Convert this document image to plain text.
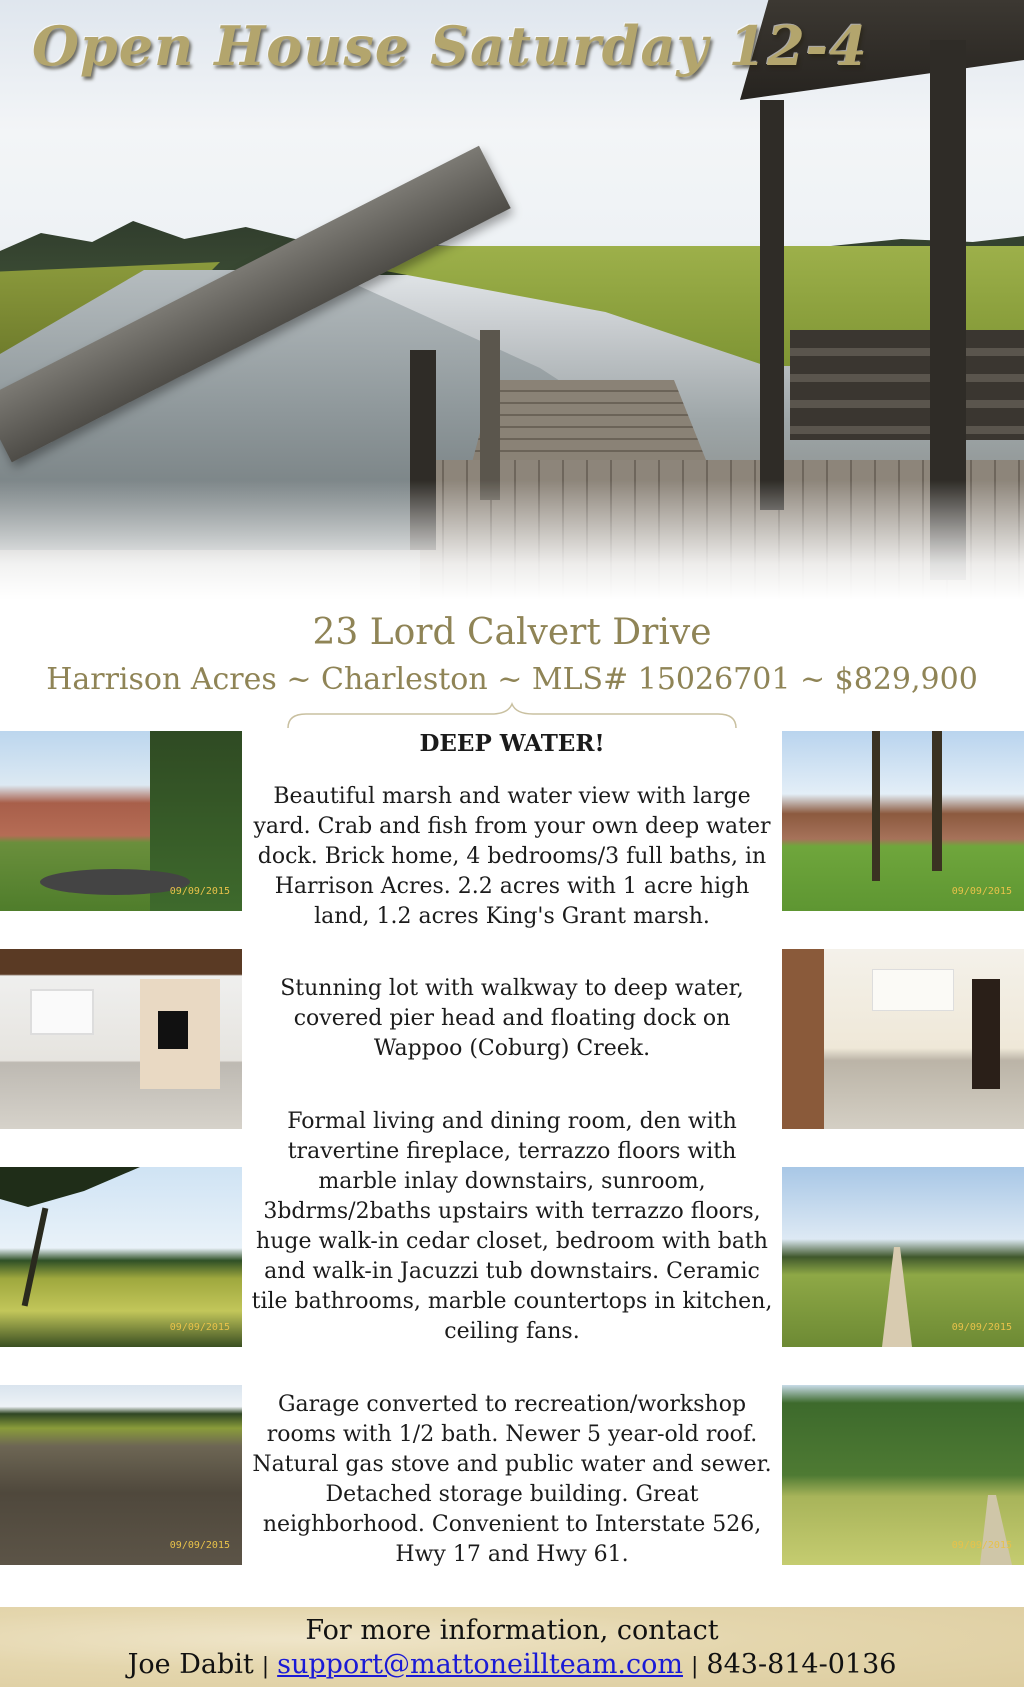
Open House Saturday 12-4
23 Lord Calvert Drive

Harrison Acres ~ Charleston ~ MLS# 15026701 ~ $829,900

09/09/2015
09/09/2015
09/09/2015
09/09/2015
09/09/2015
09/09/2015
DEEP WATER!

Beautiful marsh and water view with large yard. Crab and fish from your own deep water dock. Brick home, 4 bedrooms/3 full baths, in Harrison Acres. 2.2 acres with 1 acre high land, 1.2 acres King's Grant marsh.

Stunning lot with walkway to deep water, covered pier head and floating dock on Wappoo (Coburg) Creek.

Formal living and dining room, den with travertine fireplace, terrazzo floors with marble inlay downstairs, sunroom, 3bdrms/2baths upstairs with terrazzo floors, huge walk-in cedar closet, bedroom with bath and walk-in Jacuzzi tub downstairs. Ceramic tile bathrooms, marble countertops in kitchen, ceiling fans.

Garage converted to recreation/workshop rooms with 1/2 bath. Newer 5 year-old roof. Natural gas stove and public water and sewer. Detached storage building. Great neighborhood. Convenient to Interstate 526, Hwy 17 and Hwy 61.

For more information, contact

Joe Dabit | support@mattoneillteam.com | 843-814-0136
